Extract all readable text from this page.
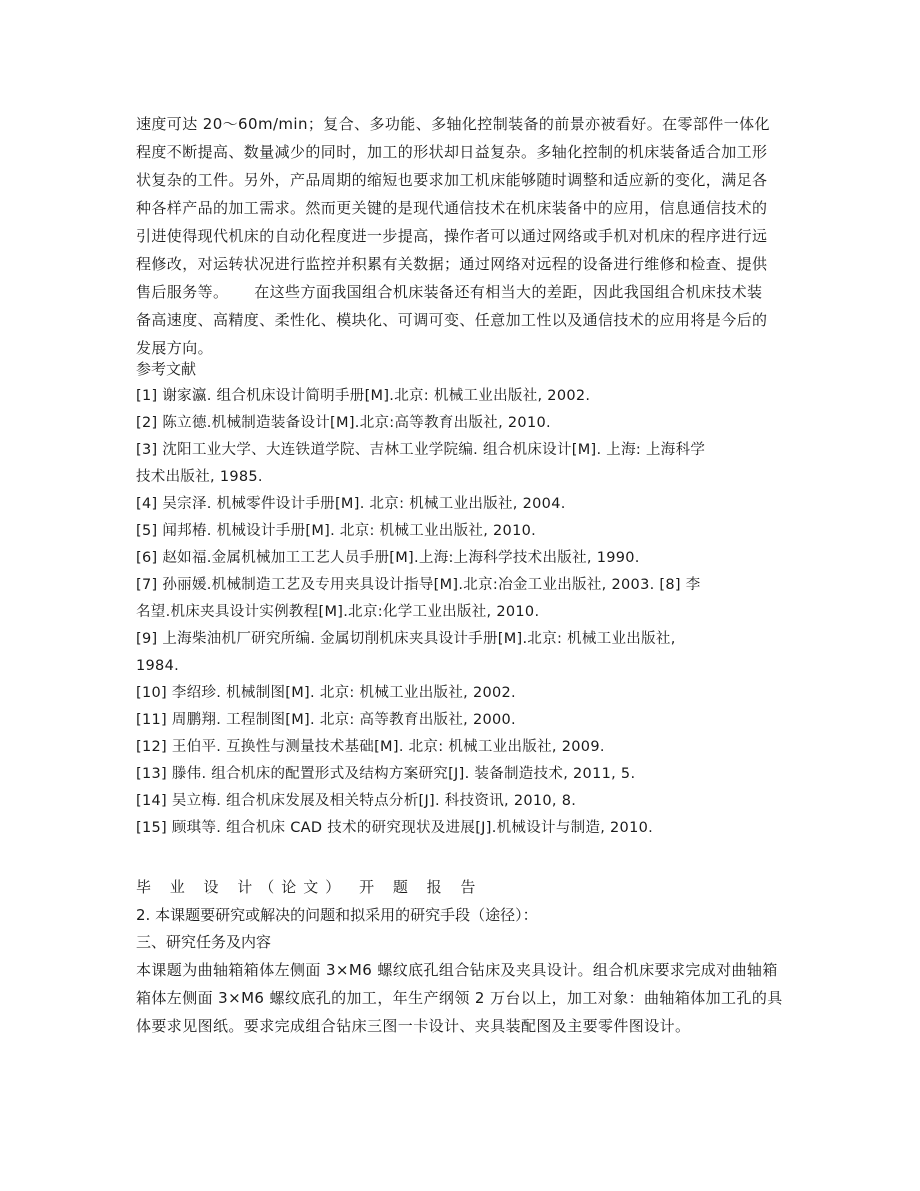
速度可达 20～60m/min；复合、多功能、多轴化控制装备的前景亦被看好。在零部件一体化
程度不断提高、数量减少的同时，加工的形状却日益复杂。多轴化控制的机床装备适合加工形
状复杂的工件。另外，产品周期的缩短也要求加工机床能够随时调整和适应新的变化，满足各
种各样产品的加工需求。然而更关键的是现代通信技术在机床装备中的应用，信息通信技术的
引进使得现代机床的自动化程度进一步提高，操作者可以通过网络或手机对机床的程序进行远
程修改，对运转状况进行监控并积累有关数据；通过网络对远程的设备进行维修和检查、提供
售后服务等。     在这些方面我国组合机床装备还有相当大的差距，因此我国组合机床技术装
备高速度、高精度、柔性化、模块化、可调可变、任意加工性以及通信技术的应用将是今后的
发展方向。
参考文献
[1] 谢家瀛. 组合机床设计简明手册[M].北京: 机械工业出版社, 2002.
[2] 陈立德.机械制造装备设计[M].北京:高等教育出版社, 2010.
[3] 沈阳工业大学、大连铁道学院、吉林工业学院编. 组合机床设计[M]. 上海: 上海科学
技术出版社, 1985.
[4] 吴宗泽. 机械零件设计手册[M]. 北京: 机械工业出版社, 2004.
[5] 闻邦椿. 机械设计手册[M]. 北京: 机械工业出版社, 2010.
[6] 赵如福.金属机械加工工艺人员手册[M].上海:上海科学技术出版社, 1990.
[7] 孙丽媛.机械制造工艺及专用夹具设计指导[M].北京:冶金工业出版社, 2003. [8] 李
名望.机床夹具设计实例教程[M].北京:化学工业出版社, 2010.
[9] 上海柴油机厂研究所编. 金属切削机床夹具设计手册[M].北京: 机械工业出版社,
1984.
[10] 李绍珍. 机械制图[M]. 北京: 机械工业出版社, 2002.
[11] 周鹏翔. 工程制图[M]. 北京: 高等教育出版社, 2000.
[12] 王伯平. 互换性与测量技术基础[M]. 北京: 机械工业出版社, 2009.
[13] 滕伟. 组合机床的配置形式及结构方案研究[J]. 装备制造技术, 2011, 5.
[14] 吴立梅. 组合机床发展及相关特点分析[J]. 科技资讯, 2010, 8.
[15] 顾琪等. 组合机床 CAD 技术的研究现状及进展[J].机械设计与制造, 2010.
毕 业 设 计（论文） 开 题 报 告
2. 本课题要研究或解决的问题和拟采用的研究手段（途径）：
三、研究任务及内容
本课题为曲轴箱箱体左侧面 3×M6 螺纹底孔组合钻床及夹具设计。组合机床要求完成对曲轴箱
箱体左侧面 3×M6 螺纹底孔的加工，年生产纲领 2 万台以上，加工对象：曲轴箱体加工孔的具
体要求见图纸。要求完成组合钻床三图一卡设计、夹具装配图及主要零件图设计。
